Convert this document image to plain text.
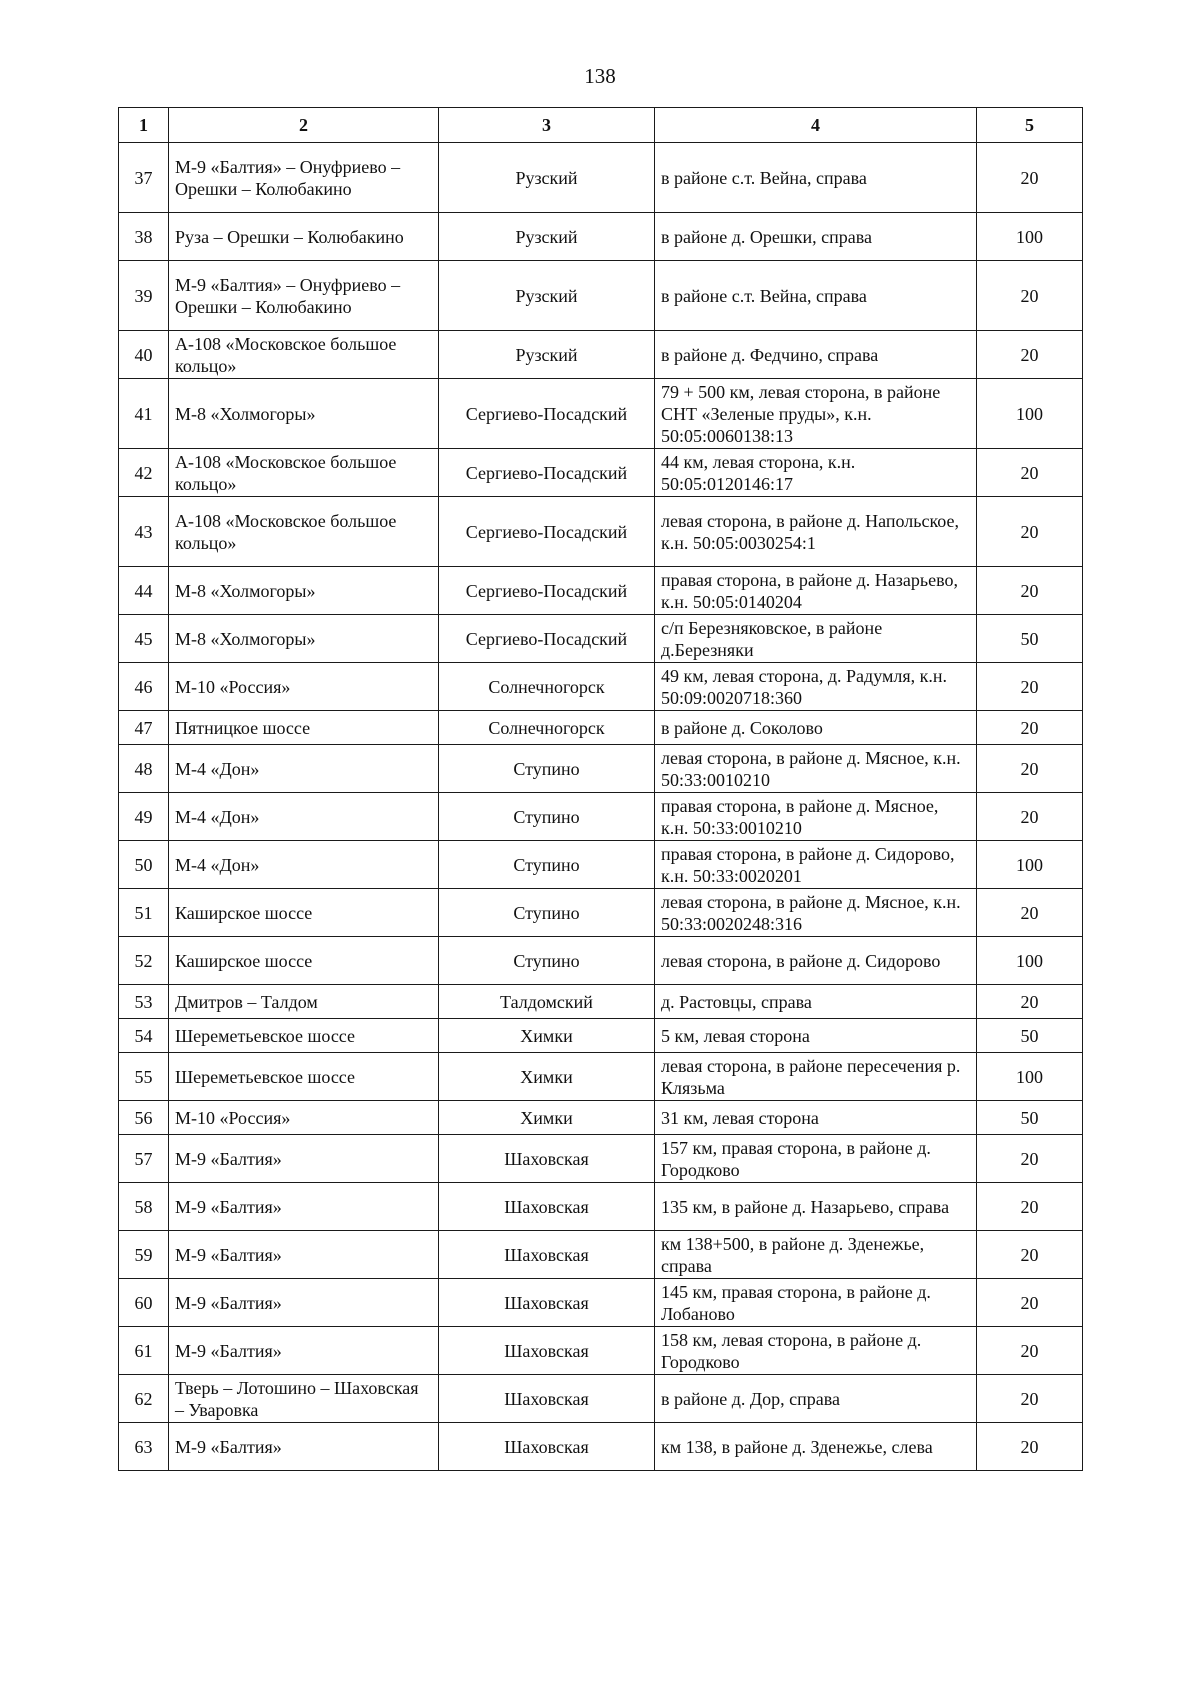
138
1	2	3	4	5
37	М-9 «Балтия» – Онуфриево – Орешки – Колюбакино	Рузский	в районе с.т. Вейна, справа	20
38	Руза – Орешки – Колюбакино	Рузский	в районе д. Орешки, справа	100
39	М-9 «Балтия» – Онуфриево – Орешки – Колюбакино	Рузский	в районе с.т. Вейна, справа	20
40	А-108 «Московское большое кольцо»	Рузский	в районе д. Федчино, справа	20
41	М-8 «Холмогоры»	Сергиево-Посадский	79 + 500 км, левая сторона, в районе СНТ «Зеленые пруды», к.н. 50:05:0060138:13	100
42	А-108 «Московское большое кольцо»	Сергиево-Посадский	44 км, левая сторона, к.н. 50:05:0120146:17	20
43	А-108 «Московское большое кольцо»	Сергиево-Посадский	левая сторона, в районе д. Напольское, к.н. 50:05:0030254:1	20
44	М-8 «Холмогоры»	Сергиево-Посадский	правая сторона, в районе д. Назарьево, к.н. 50:05:0140204	20
45	М-8 «Холмогоры»	Сергиево-Посадский	с/п Березняковское, в районе д.Березняки	50
46	М-10 «Россия»	Солнечногорск	49 км, левая сторона, д. Радумля, к.н. 50:09:0020718:360	20
47	Пятницкое шоссе	Солнечногорск	в районе д. Соколово	20
48	М-4 «Дон»	Ступино	левая сторона, в районе д. Мясное, к.н. 50:33:0010210	20
49	М-4 «Дон»	Ступино	правая сторона, в районе д. Мясное, к.н. 50:33:0010210	20
50	М-4 «Дон»	Ступино	правая сторона, в районе д. Сидорово, к.н. 50:33:0020201	100
51	Каширское шоссе	Ступино	левая сторона, в районе д. Мясное, к.н. 50:33:0020248:316	20
52	Каширское шоссе	Ступино	левая сторона, в районе д. Сидорово	100
53	Дмитров – Талдом	Талдомский	д. Растовцы, справа	20
54	Шереметьевское шоссе	Химки	5 км, левая сторона	50
55	Шереметьевское шоссе	Химки	левая сторона, в районе пересечения р. Клязьма	100
56	М-10 «Россия»	Химки	31 км, левая сторона	50
57	М-9 «Балтия»	Шаховская	157 км, правая сторона, в районе д. Городково	20
58	М-9 «Балтия»	Шаховская	135 км, в районе д. Назарьево, справа	20
59	М-9 «Балтия»	Шаховская	км 138+500, в районе д. Зденежье, справа	20
60	М-9 «Балтия»	Шаховская	145 км, правая сторона, в районе д. Лобаново	20
61	М-9 «Балтия»	Шаховская	158 км, левая сторона, в районе д. Городково	20
62	Тверь – Лотошино – Шаховская – Уваровка	Шаховская	в районе д. Дор, справа	20
63	М-9 «Балтия»	Шаховская	км 138, в районе д. Зденежье, слева	20
